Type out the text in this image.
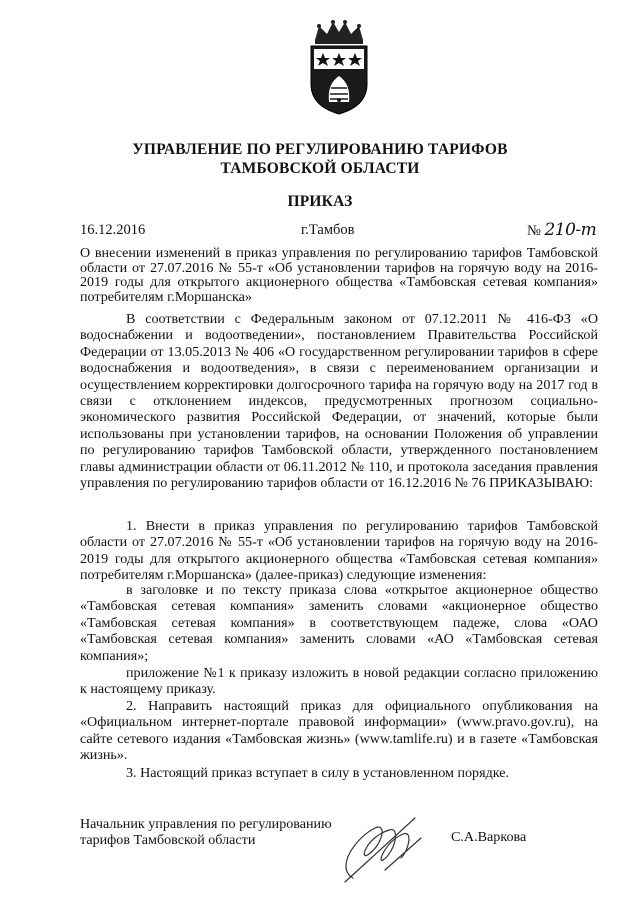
УПРАВЛЕНИЕ ПО РЕГУЛИРОВАНИЮ ТАРИФОВ
ТАМБОВСКОЙ ОБЛАСТИ
ПРИКАЗ
16.12.2016	г.Тамбов	№ 210-т

О внесении изменений в приказ управления по регулированию тарифов Тамбовской области от 27.07.2016 № 55-т «Об установлении тарифов на горячую воду на 2016-2019 годы для открытого акционерного общества «Тамбовская сетевая компания» потребителям г.Моршанска»

В соответствии с Федеральным законом от 07.12.2011 № 416-ФЗ «О водоснабжении и водоотведении», постановлением Правительства Российской Федерации от 13.05.2013 № 406 «О государственном регулировании тарифов в сфере водоснабжения и водоотведения», в связи с переименованием организации и осуществлением корректировки долгосрочного тарифа на горячую воду на 2017 год в связи с отклонением индексов, предусмотренных прогнозом социально-экономического развития Российской Федерации, от значений, которые были использованы при установлении тарифов, на основании Положения об управлении по регулированию тарифов Тамбовской области, утвержденного постановлением главы администрации области от 06.11.2012 № 110, и протокола заседания правления управления по регулированию тарифов области от 16.12.2016 № 76 ПРИКАЗЫВАЮ:

1. Внести в приказ управления по регулированию тарифов Тамбовской области от 27.07.2016 № 55-т «Об установлении тарифов на горячую воду на 2016-2019 годы для открытого акционерного общества «Тамбовская сетевая компания» потребителям г.Моршанска» (далее-приказ) следующие изменения:

в заголовке и по тексту приказа слова «открытое акционерное общество «Тамбовская сетевая компания» заменить словами «акционерное общество «Тамбовская сетевая компания» в соответствующем падеже, слова «ОАО «Тамбовская сетевая компания» заменить словами «АО «Тамбовская сетевая компания»;

приложение №1 к приказу изложить в новой редакции согласно приложению к настоящему приказу.

2. Направить настоящий приказ для официального опубликования на «Официальном интернет-портале правовой информации» (www.pravo.gov.ru), на сайте сетевого издания «Тамбовская жизнь» (www.tamlife.ru) и в газете «Тамбовская жизнь».

3. Настоящий приказ вступает в силу в установленном порядке.

Начальник управления по регулированию
тарифов Тамбовской области	С.А.Варкова
